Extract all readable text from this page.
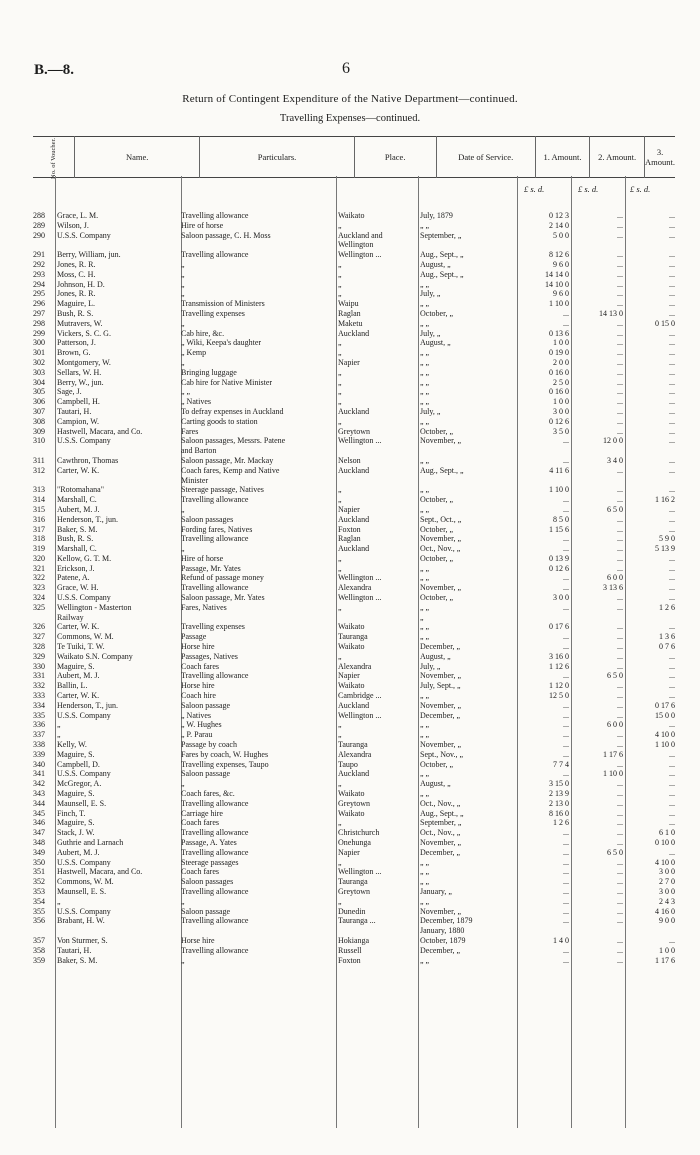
B.—8.	6
Return of Contingent Expenditure of the Native Department—continued.
Travelling Expenses—continued.
No. of Voucher.	Name.	Particulars.	Place.	Date of Service.	1. Amount.	2. Amount.	3. Amount.
£ s. d.	£ s. d.	£ s. d.
288	Grace, L. M.	Travelling allowance	Waikato	July, 1879	0 12 3	...	...
289	Wilson, J.	Hire of horse	„	„ „	2 14 0	...	...
290	U.S.S. Company	Saloon passage, C. H. Moss	Auckland and	September, „	5 0 0	...	...
Wellington
291	Berry, William, jun.	Travelling allowance	Wellington ...	Aug., Sept., „	8 12 6	...	...
292	Jones, R. R.	„	„	August, „	9 6 0	...	...
293	Moss, C. H.	„	„	Aug., Sept., „	14 14 0	...	...
294	Johnson, H. D.	„	„	„ „	14 10 0	...	...
295	Jones, R. R.	„	„	July, „	9 6 0	...	...
296	Maguire, L.	Transmission of Ministers	Waipu	„ „	1 10 0	...	...
297	Bush, R. S.	Travelling expenses	Raglan	October, „	...	14 13 0	...
298	Mutravers, W.	„	Maketu	„ „	...	...	0 15 0
299	Vickers, S. C. G.	Cab hire, &c.	Auckland	July, „	0 13 6	...	...
300	Patterson, J.	„ Wiki, Keepa's daughter	„	August, „	1 0 0	...	...
301	Brown, G.	„ Kemp	„	„ „	0 19 0	...	...
302	Montgomery, W.	„	Napier	„ „	2 0 0	...	...
303	Sellars, W. H.	Bringing luggage	„	„ „	0 16 0	...	...
304	Berry, W., jun.	Cab hire for Native Minister	„	„ „	2 5 0	...	...
305	Sage, J.	„ „	„	„ „	0 16 0	...	...
306	Campbell, H.	„ Natives	„	„ „	1 0 0	...	...
307	Tautari, H.	To defray expenses in Auckland	Auckland	July, „	3 0 0	...	...
308	Campion, W.	Carting goods to station	„	„ „	0 12 6	...	...
309	Hastwell, Macara, and Co.	Fares	Greytown	October, „	3 5 0	...	...
310	U.S.S. Company	Saloon passages, Messrs. Patene	Wellington ...	November, „	...	12 0 0	...
and Barton
311	Cawthron, Thomas	Saloon passage, Mr. Mackay	Nelson	„ „	...	3 4 0	...
312	Carter, W. K.	Coach fares, Kemp and Native	Auckland	Aug., Sept., „	4 11 6	...	...
Minister
313	"Rotomahana"	Steerage passage, Natives	„	„ „	1 10 0	...	...
314	Marshall, C.	Travelling allowance	„	October, „	...	...	1 16 2
315	Aubert, M. J.	„	Napier	„ „	...	6 5 0	...
316	Henderson, T., jun.	Saloon passages	Auckland	Sept., Oct., „	8 5 0	...	...
317	Baker, S. M.	Fording fares, Natives	Foxton	October, „	1 15 6	...	...
318	Bush, R. S.	Travelling allowance	Raglan	November, „	...	...	5 9 0
319	Marshall, C.	„	Auckland	Oct., Nov., „	...	...	5 13 9
320	Kellow, G. T. M.	Hire of horse	„	October, „	0 13 9	...	...
321	Erickson, J.	Passage, Mr. Yates	„	„ „	0 12 6	...	...
322	Patene, A.	Refund of passage money	Wellington ...	„ „	...	6 0 0	...
323	Grace, W. H.	Travelling allowance	Alexandra	November, „	...	3 13 6	...
324	U.S.S. Company	Saloon passage, Mr. Yates	Wellington ...	October, „	3 0 0	...	...
325	Wellington - Masterton	Fares, Natives	„	„ „	...	...	1 2 6
Railway	„
326	Carter, W. K.	Travelling expenses	Waikato	„ „	0 17 6	...	...
327	Commons, W. M.	Passage	Tauranga	„ „	...	...	1 3 6
328	Te Tuiki, T. W.	Horse hire	Waikato	December, „	...	...	0 7 6
329	Waikato S.N. Company	Passages, Natives	„	August, „	3 16 0	...	...
330	Maguire, S.	Coach fares	Alexandra	July, „	1 12 6	...	...
331	Aubert, M. J.	Travelling allowance	Napier	November, „	...	6 5 0	...
332	Ballin, L.	Horse hire	Waikato	July, Sept., „	1 12 0	...	...
333	Carter, W. K.	Coach hire	Cambridge ...	„ „	12 5 0	...	...
334	Henderson, T., jun.	Saloon passage	Auckland	November, „	...	...	0 17 6
335	U.S.S. Company	„ Natives	Wellington ...	December, „	...	...	15 0 0
336	„	„ W. Hughes	„	„ „	...	6 0 0	...
337	„	„ P. Parau	„	„ „	...	...	4 10 0
338	Kelly, W.	Passage by coach	Tauranga	November, „	...	...	1 10 0
339	Maguire, S.	Fares by coach, W. Hughes	Alexandra	Sept., Nov., „	...	1 17 6	...
340	Campbell, D.	Travelling expenses, Taupo	Taupo	October, „	7 7 4	...	...
341	U.S.S. Company	Saloon passage	Auckland	„ „	...	1 10 0	...
342	McGregor, A.	„	„	August, „	3 15 0	...	...
343	Maguire, S.	Coach fares, &c.	Waikato	„ „	2 13 9	...	...
344	Maunsell, E. S.	Travelling allowance	Greytown	Oct., Nov., „	2 13 0	...	...
345	Finch, T.	Carriage hire	Waikato	Aug., Sept., „	8 16 0	...	...
346	Maguire, S.	Coach fares	„	September, „	1 2 6	...	...
347	Stack, J. W.	Travelling allowance	Christchurch	Oct., Nov., „	...	...	6 1 0
348	Guthrie and Larnach	Passage, A. Yates	Onehunga	November, „	...	...	0 10 0
349	Aubert, M. J.	Travelling allowance	Napier	December, „	...	6 5 0	...
350	U.S.S. Company	Steerage passages	„	„ „	...	...	4 10 0
351	Hastwell, Macara, and Co.	Coach fares	Wellington ...	„ „	...	...	3 0 0
352	Commons, W. M.	Saloon passages	Tauranga	„ „	...	...	2 7 0
353	Maunsell, E. S.	Travelling allowance	Greytown	January, „	...	...	3 0 0
354	„	„	„	„ „	...	...	2 4 3
355	U.S.S. Company	Saloon passage	Dunedin	November, „	...	...	4 16 0
356	Brabant, H. W.	Travelling allowance	Tauranga ...	December, 1879	...	...	9 0 0
January, 1880
357	Von Sturmer, S.	Horse hire	Hokianga	October, 1879	1 4 0	...	...
358	Tautari, H.	Travelling allowance	Russell	December, „	...	...	1 0 0
359	Baker, S. M.	„	Foxton	„ „	...	...	1 17 6
